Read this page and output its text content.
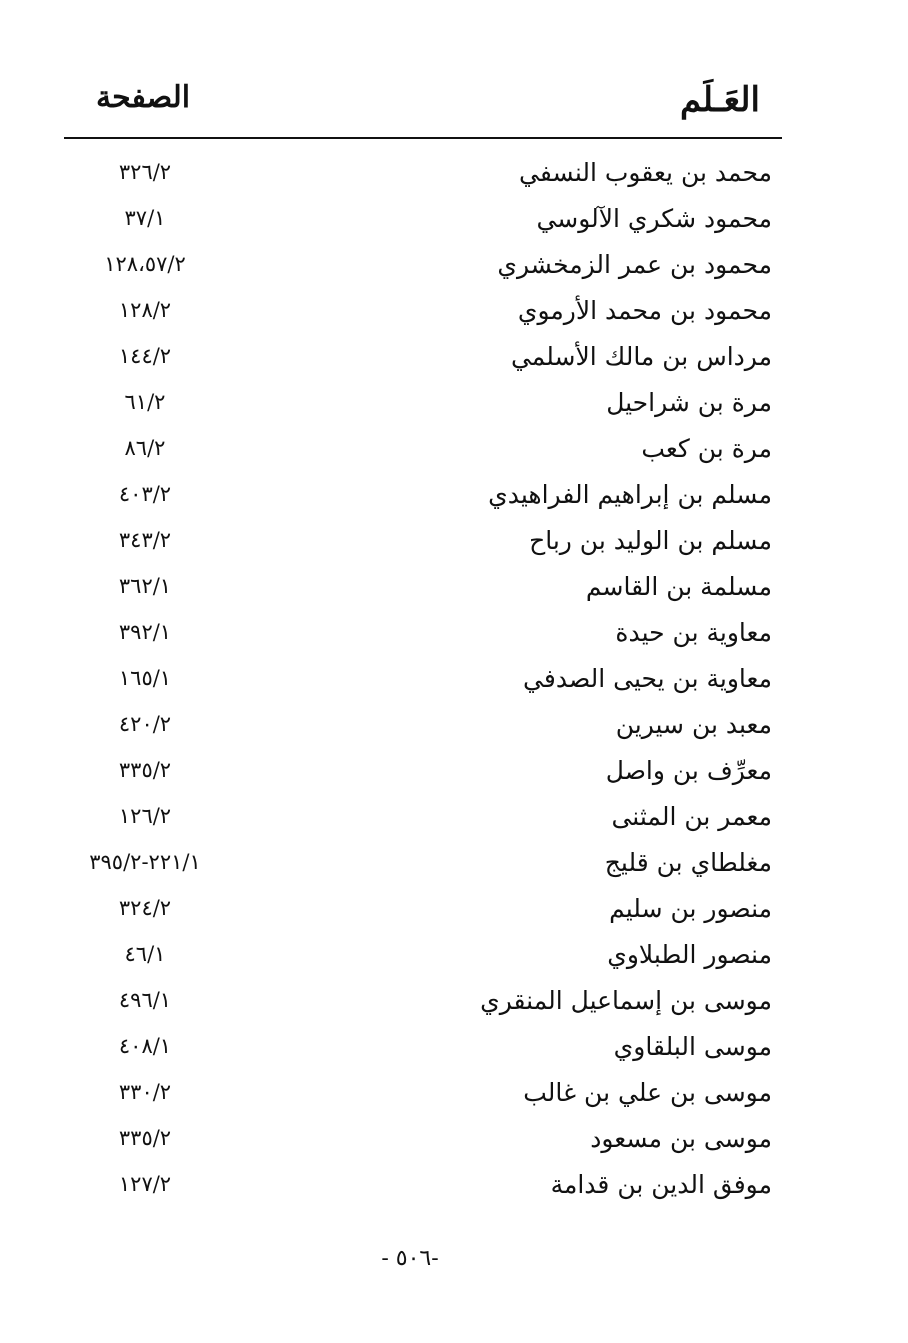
العَـلَم
الصفحة
محمد بن يعقوب النسفي
٣٢٦/٢
محمود شكري الآلوسي
٣٧/١
محمود بن عمر الزمخشري
١٢٨،٥٧/٢
محمود بن محمد الأرموي
١٢٨/٢
مرداس بن مالك الأسلمي
١٤٤/٢
مرة بن شراحيل
٦١/٢
مرة بن كعب
٨٦/٢
مسلم بن إبراهيم الفراهيدي
٤٠٣/٢
مسلم بن الوليد بن رباح
٣٤٣/٢
مسلمة بن القاسم
٣٦٢/١
معاوية بن حيدة
٣٩٢/١
معاوية بن يحيى الصدفي
١٦٥/١
معبد بن سيرين
٤٢٠/٢
معرِّف بن واصل
٣٣٥/٢
معمر بن المثنى
١٢٦/٢
مغلطاي بن قليج
٢٢١/١-٣٩٥/٢
منصور بن سليم
٣٢٤/٢
منصور الطبلاوي
٤٦/١
موسى بن إسماعيل المنقري
٤٩٦/١
موسى البلقاوي
٤٠٨/١
موسى بن علي بن غالب
٣٣٠/٢
موسى بن مسعود
٣٣٥/٢
موفق الدين بن قدامة
١٢٧/٢
- ٥٠٦-
